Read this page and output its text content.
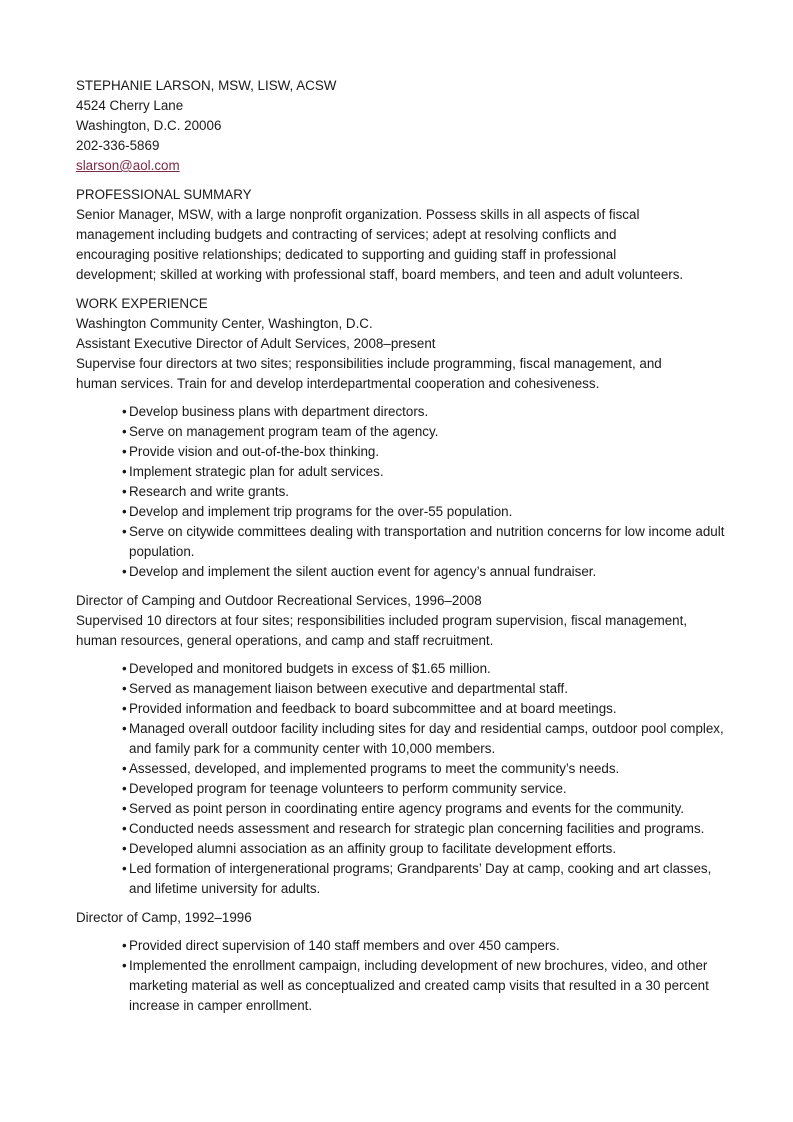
STEPHANIE LARSON, MSW, LISW, ACSW
4524 Cherry Lane
Washington, D.C. 20006
202-336-5869
slarson@aol.com
PROFESSIONAL SUMMARY
Senior Manager, MSW, with a large nonprofit organization. Possess skills in all aspects of fiscal
management including budgets and contracting of services; adept at resolving conflicts and
encouraging positive relationships; dedicated to supporting and guiding staff in professional
development; skilled at working with professional staff, board members, and teen and adult volunteers.
WORK EXPERIENCE
Washington Community Center, Washington, D.C.
Assistant Executive Director of Adult Services, 2008–present
Supervise four directors at two sites; responsibilities include programming, fiscal management, and
human services. Train for and develop interdepartmental cooperation and cohesiveness.
• Develop business plans with department directors.
• Serve on management program team of the agency.
• Provide vision and out-of-the-box thinking.
• Implement strategic plan for adult services.
• Research and write grants.
• Develop and implement trip programs for the over-55 population.
• Serve on citywide committees dealing with transportation and nutrition concerns for low income adult population.
• Develop and implement the silent auction event for agency’s annual fundraiser.
Director of Camping and Outdoor Recreational Services, 1996–2008
Supervised 10 directors at four sites; responsibilities included program supervision, fiscal management,
human resources, general operations, and camp and staff recruitment.
• Developed and monitored budgets in excess of $1.65 million.
• Served as management liaison between executive and departmental staff.
• Provided information and feedback to board subcommittee and at board meetings.
• Managed overall outdoor facility including sites for day and residential camps, outdoor pool complex, and family park for a community center with 10,000 members.
• Assessed, developed, and implemented programs to meet the community’s needs.
• Developed program for teenage volunteers to perform community service.
• Served as point person in coordinating entire agency programs and events for the community.
• Conducted needs assessment and research for strategic plan concerning facilities and programs.
• Developed alumni association as an affinity group to facilitate development efforts.
• Led formation of intergenerational programs; Grandparents’ Day at camp, cooking and art classes, and lifetime university for adults.
Director of Camp, 1992–1996
• Provided direct supervision of 140 staff members and over 450 campers.
• Implemented the enrollment campaign, including development of new brochures, video, and other marketing material as well as conceptualized and created camp visits that resulted in a 30 percent increase in camper enrollment.
